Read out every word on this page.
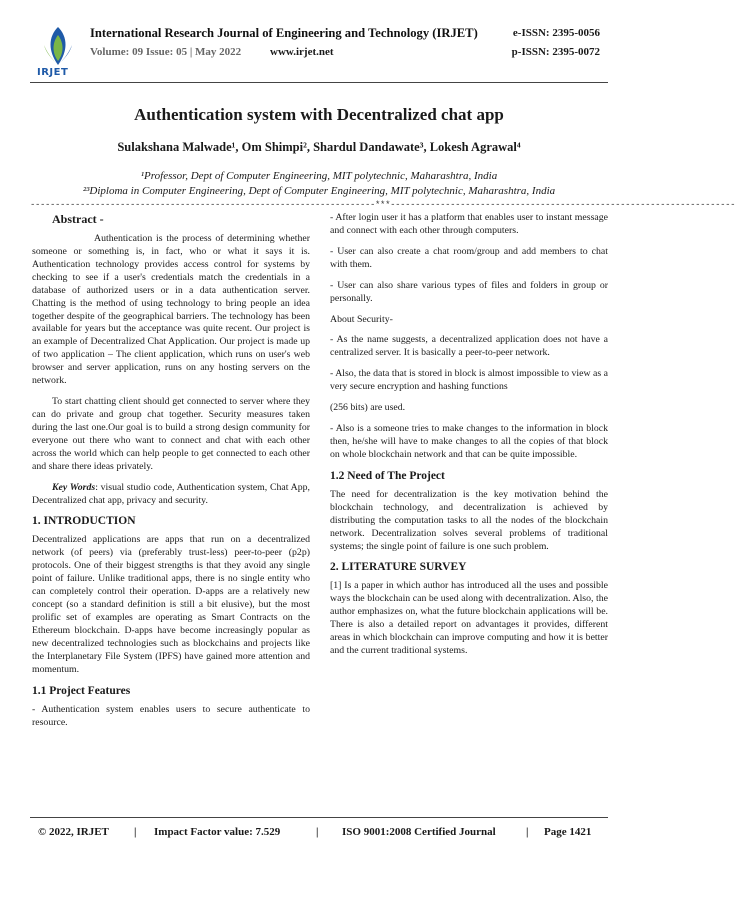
IRJET
International Research Journal of Engineering and Technology (IRJET)	e-ISSN: 2395-0056
Volume: 09 Issue: 05 | May 2022	www.irjet.net	p-ISSN: 2395-0072
Authentication system with Decentralized chat app
Sulakshana Malwade¹, Om Shimpi², Shardul Dandawate³, Lokesh Agrawal⁴
¹Professor, Dept of Computer Engineering, MIT polytechnic, Maharashtra, India
²³Diploma in Computer Engineering, Dept of Computer Engineering, MIT polytechnic, Maharashtra, India
---------------------------------------------------------------------***---------------------------------------------------------------------
Abstract -

Authentication is the process of determining whether someone or something is, in fact, who or what it says it is. Authentication technology provides access control for systems by checking to see if a user's credentials match the credentials in a database of authorized users or in a data authentication server. Chatting is the method of using technology to bring people an idea together despite of the geographical barriers. The technology has been available for years but the acceptance was quite recent. Our project is an example of Decentralized Chat Application. Our project is made up of two application – The client application, which runs on user's web browser and server application, runs on any hosting servers on the network.

To start chatting client should get connected to server where they can do private and group chat together. Security measures taken during the last one.Our goal is to build a strong design community for everyone out there who want to connect and chat with each other across the world which can help people to get connected to each other and share there ideas privately.

Key Words: visual studio code, Authentication system, Chat App, Decentralized chat app, privacy and security.

1. INTRODUCTION

Decentralized applications are apps that run on a decentralized network (of peers) via (preferably trust-less) peer-to-peer (p2p) protocols. One of their biggest strengths is that they avoid any single point of failure. Unlike traditional apps, there is no single entity who can completely control their operation. D-apps are a relatively new concept (so a standard definition is still a bit elusive), but the most prolific set of examples are operating as Smart Contracts on the Ethereum blockchain. D-apps have become increasingly popular as new decentralized technologies such as blockchains and projects like the Interplanetary File System (IPFS) have gained more attention and momentum.

1.1 Project Features

- Authentication system enables users to secure authenticate to resource.

- After login user it has a platform that enables user to instant message and connect with each other through computers.

- User can also create a chat room/group and add members to chat with them.

- User can also share various types of files and folders in group or personally.

About Security-

- As the name suggests, a decentralized application does not have a centralized server. It is basically a peer-to-peer network.

- Also, the data that is stored in block is almost impossible to view as a very secure encryption and hashing functions

(256 bits) are used.

- Also is a someone tries to make changes to the information in block then, he/she will have to make changes to all the copies of that block on whole blockchain network and that can be quite impossible.

1.2 Need of The Project

The need for decentralization is the key motivation behind the blockchain technology, and decentralization is achieved by distributing the computation tasks to all the nodes of the blockchain network. Decentralization solves several problems of traditional systems; the single point of failure is one such problem.

2. LITERATURE SURVEY

[1] Is a paper in which author has introduced all the uses and possible ways the blockchain can be used along with decentralization. Also, the author emphasizes on, what the future blockchain applications will be. There is also a detailed report on advantages it provides, different areas in which blockchain can improve computing and how it is better and the current traditional systems.

© 2022, IRJET | Impact Factor value: 7.529	| ISO 9001:2008 Certified Journal	| Page 1421
